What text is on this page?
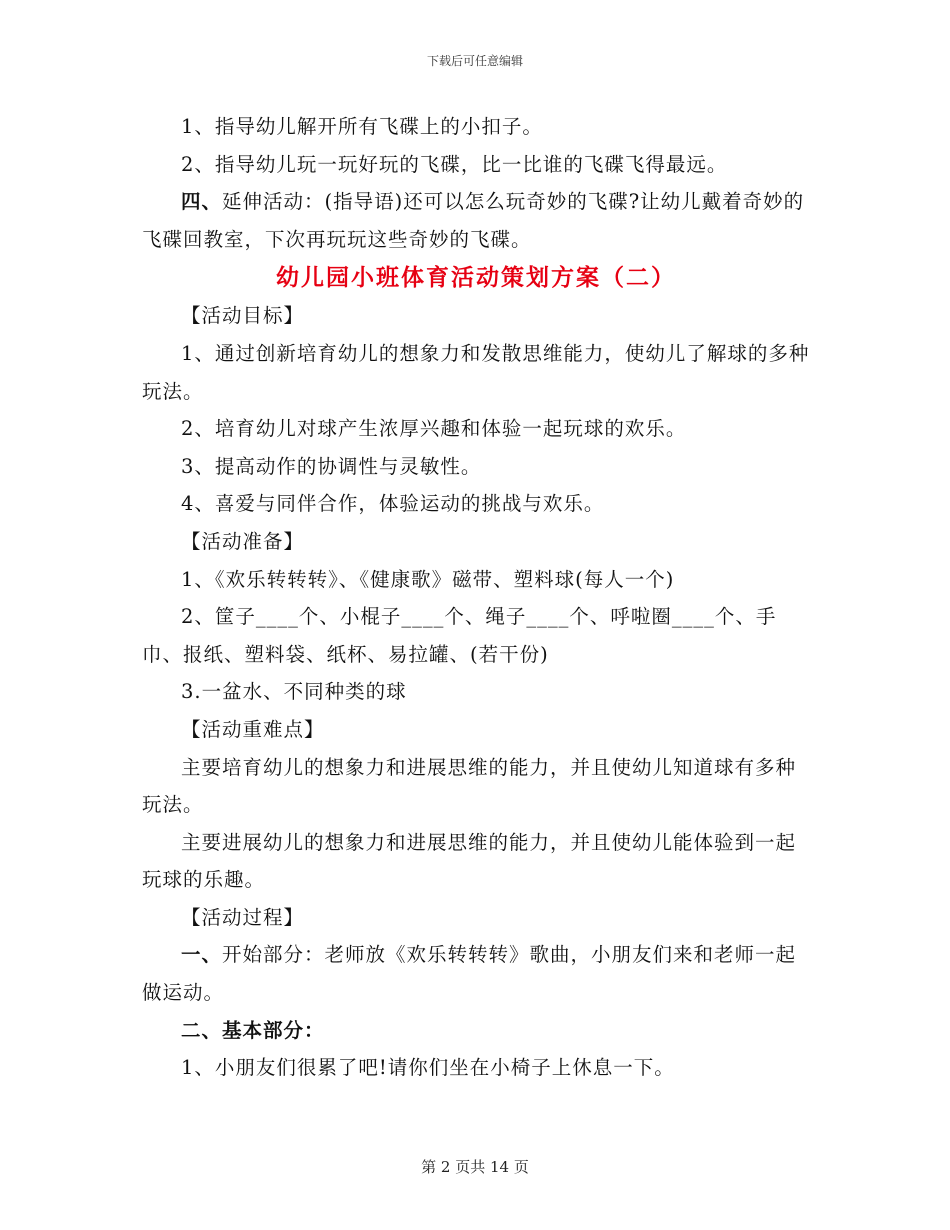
下载后可任意编辑

1、指导幼儿解开所有飞碟上的小扣子。

2、指导幼儿玩一玩好玩的飞碟，比一比谁的飞碟飞得最远。

四、延伸活动：(指导语)还可以怎么玩奇妙的飞碟?让幼儿戴着奇妙的飞碟回教室，下次再玩玩这些奇妙的飞碟。

幼儿园小班体育活动策划方案（二）

【活动目标】

1、通过创新培育幼儿的想象力和发散思维能力，使幼儿了解球的多种玩法。

2、培育幼儿对球产生浓厚兴趣和体验一起玩球的欢乐。

3、提高动作的协调性与灵敏性。

4、喜爱与同伴合作，体验运动的挑战与欢乐。

【活动准备】

1、《欢乐转转转》、《健康歌》磁带、塑料球(每人一个)

2、筐子____个、小棍子____个、绳子____个、呼啦圈____个、手巾、报纸、塑料袋、纸杯、易拉罐、(若干份)

3.一盆水、不同种类的球

【活动重难点】

主要培育幼儿的想象力和进展思维的能力，并且使幼儿知道球有多种玩法。

主要进展幼儿的想象力和进展思维的能力，并且使幼儿能体验到一起玩球的乐趣。

【活动过程】

一、开始部分：老师放《欢乐转转转》歌曲，小朋友们来和老师一起做运动。

二、基本部分：

1、小朋友们很累了吧!请你们坐在小椅子上休息一下。

第 2 页共 14 页
